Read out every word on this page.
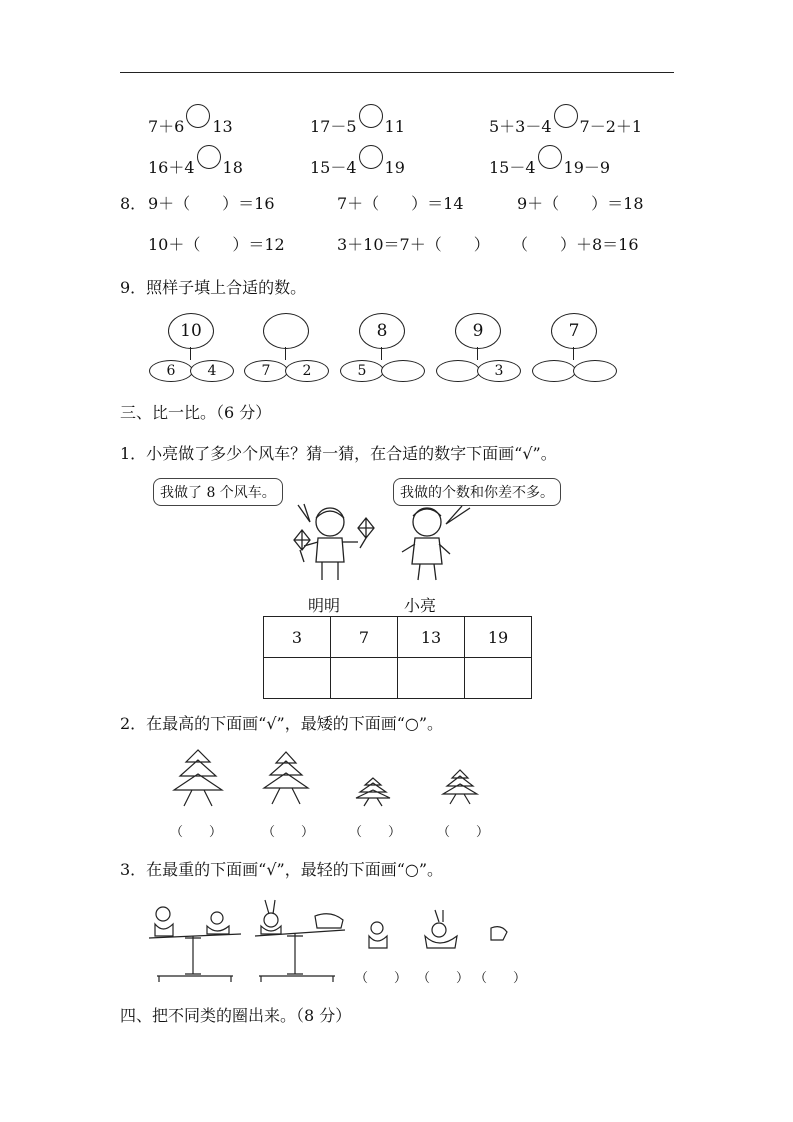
7＋6 13	17－5 11	5＋3－4 7－2＋1
16＋4 18	15－4 19	15－4 19－9
8． 9＋（　　）＝16	7＋（　　）＝14	9＋（　　）＝18
10＋（　　）＝12	3＋10＝7＋（　　） （　　）＋8＝16
9．照样子填上合适的数。
10
6	4	7	2
8
5
9
3
7
三、比一比。（6 分）
1．小亮做了多少个风车？猜一猜，在合适的数字下面画“√”。
我做了 8 个风车。	我做的个数和你差不多。
明明	小亮
3	7	13	19

2．在最高的下面画“√”，最矮的下面画“○”。
（　　）	（　　）	（　　）	（　　）
3．在最重的下面画“√”，最轻的下面画“○”。
（　　） （　　） （　　）
四、把不同类的圈出来。（8 分）
